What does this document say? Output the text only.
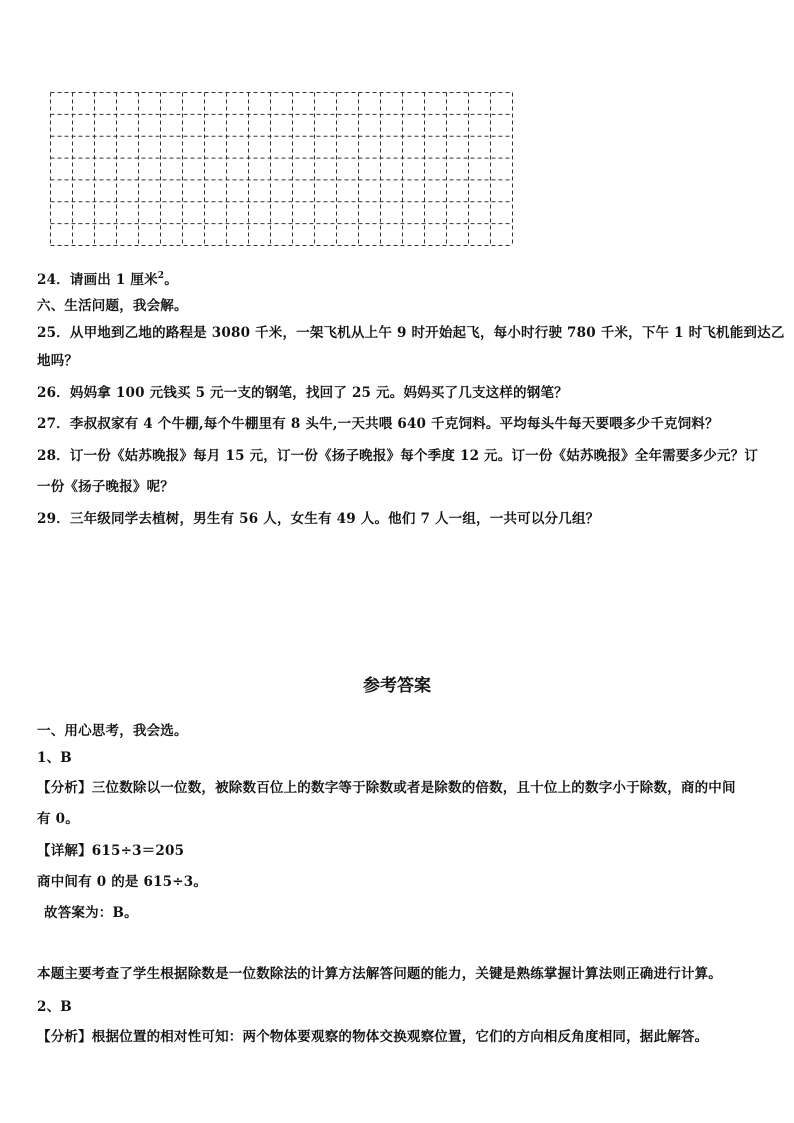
24．请画出 1 厘米$^2$。
六、生活问题，我会解。
25．从甲地到乙地的路程是 3080 千米，一架飞机从上午 9 时开始起飞，每小时行驶 780 千米，下午 1 时飞机能到达乙
地吗？
26．妈妈拿 100 元钱买 5 元一支的钢笔，找回了 25 元。妈妈买了几支这样的钢笔？
27．李叔叔家有 4 个牛棚,每个牛棚里有 8 头牛,一天共喂 640 千克饲料。平均每头牛每天要喂多少千克饲料？
28．订一份《姑苏晚报》每月 15 元，订一份《扬子晚报》每个季度 12 元。订一份《姑苏晚报》全年需要多少元？订
一份《扬子晚报》呢？
29．三年级同学去植树，男生有 56 人，女生有 49 人。他们 7 人一组，一共可以分几组？
参考答案
一、用心思考，我会选。
1、B
【分析】三位数除以一位数，被除数百位上的数字等于除数或者是除数的倍数，且十位上的数字小于除数，商的中间
有 0。
【详解】615÷3＝205
商中间有 0 的是 615÷3。
故答案为：B。
本题主要考查了学生根据除数是一位数除法的计算方法解答问题的能力，关键是熟练掌握计算法则正确进行计算。
2、B
【分析】根据位置的相对性可知：两个物体要观察的物体交换观察位置，它们的方向相反角度相同，据此解答。
